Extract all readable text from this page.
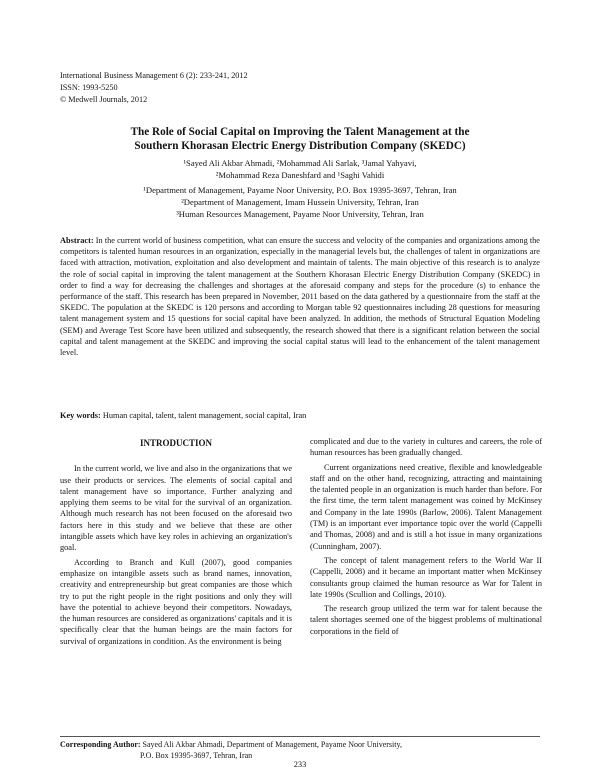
International Business Management 6 (2): 233-241, 2012
ISSN: 1993-5250
© Medwell Journals, 2012
The Role of Social Capital on Improving the Talent Management at the
Southern Khorasan Electric Energy Distribution Company (SKEDC)
¹Sayed Ali Akbar Ahmadi, ²Mohammad Ali Sarlak, ³Jamal Yahyavi,
²Mohammad Reza Daneshfard and ¹Saghi Vahidi
¹Department of Management, Payame Noor University, P.O. Box 19395-3697, Tehran, Iran
²Department of Management, Imam Hussein University, Tehran, Iran
³Human Resources Management, Payame Noor University, Tehran, Iran
Abstract: In the current world of business competition, what can ensure the success and velocity of the companies and organizations among the competitors is talented human resources in an organization, especially in the managerial levels but, the challenges of talent in organizations are faced with attraction, motivation, exploitation and also development and maintain of talents. The main objective of this research is to analyze the role of social capital in improving the talent management at the Southern Khorasan Electric Energy Distribution Company (SKEDC) in order to find a way for decreasing the challenges and shortages at the aforesaid company and steps for the procedure (s) to enhance the performance of the staff. This research has been prepared in November, 2011 based on the data gathered by a questionnaire from the staff at the SKEDC. The population at the SKEDC is 120 persons and according to Morgan table 92 questionnaires including 28 questions for measuring talent management system and 15 questions for social capital have been analyzed. In addition, the methods of Structural Equation Modeling (SEM) and Average Test Score have been utilized and subsequently, the research showed that there is a significant relation between the social capital and talent management at the SKEDC and improving the social capital status will lead to the enhancement of the talent management level.
Key words: Human capital, talent, talent management, social capital, Iran
INTRODUCTION

In the current world, we live and also in the organizations that we use their products or services. The elements of social capital and talent management have so importance. Further analyzing and applying them seems to be vital for the survival of an organization. Although much research has not been focused on the aforesaid two factors here in this study and we believe that these are other intangible assets which have key roles in achieving an organization's goal.

According to Branch and Kull (2007), good companies emphasize on intangible assets such as brand names, innovation, creativity and entrepreneurship but great companies are those which try to put the right people in the right positions and only they will have the potential to achieve beyond their competitors. Nowadays, the human resources are considered as organizations' capitals and it is specifically clear that the human beings are the main factors for survival of organizations in condition. As the environment is being

complicated and due to the variety in cultures and careers, the role of human resources has been gradually changed.

Current organizations need creative, flexible and knowledgeable staff and on the other hand, recognizing, attracting and maintaining the talented people in an organization is much harder than before. For the first time, the term talent management was coined by McKinsey and Company in the late 1990s (Barlow, 2006). Talent Management (TM) is an important ever importance topic over the world (Cappelli and Thomas, 2008) and and is still a hot issue in many organizations (Cunningham, 2007).

The concept of talent management refers to the World War II (Cappelli, 2008) and it became an important matter when McKinsey consultants group claimed the human resource as War for Talent in late 1990s (Scullion and Collings, 2010).

The research group utilized the term war for talent because the talent shortages seemed one of the biggest problems of multinational corporations in the field of

Corresponding Author: Sayed Ali Akbar Ahmadi, Department of Management, Payame Noor University,
P.O. Box 19395-3697, Tehran, Iran
233
